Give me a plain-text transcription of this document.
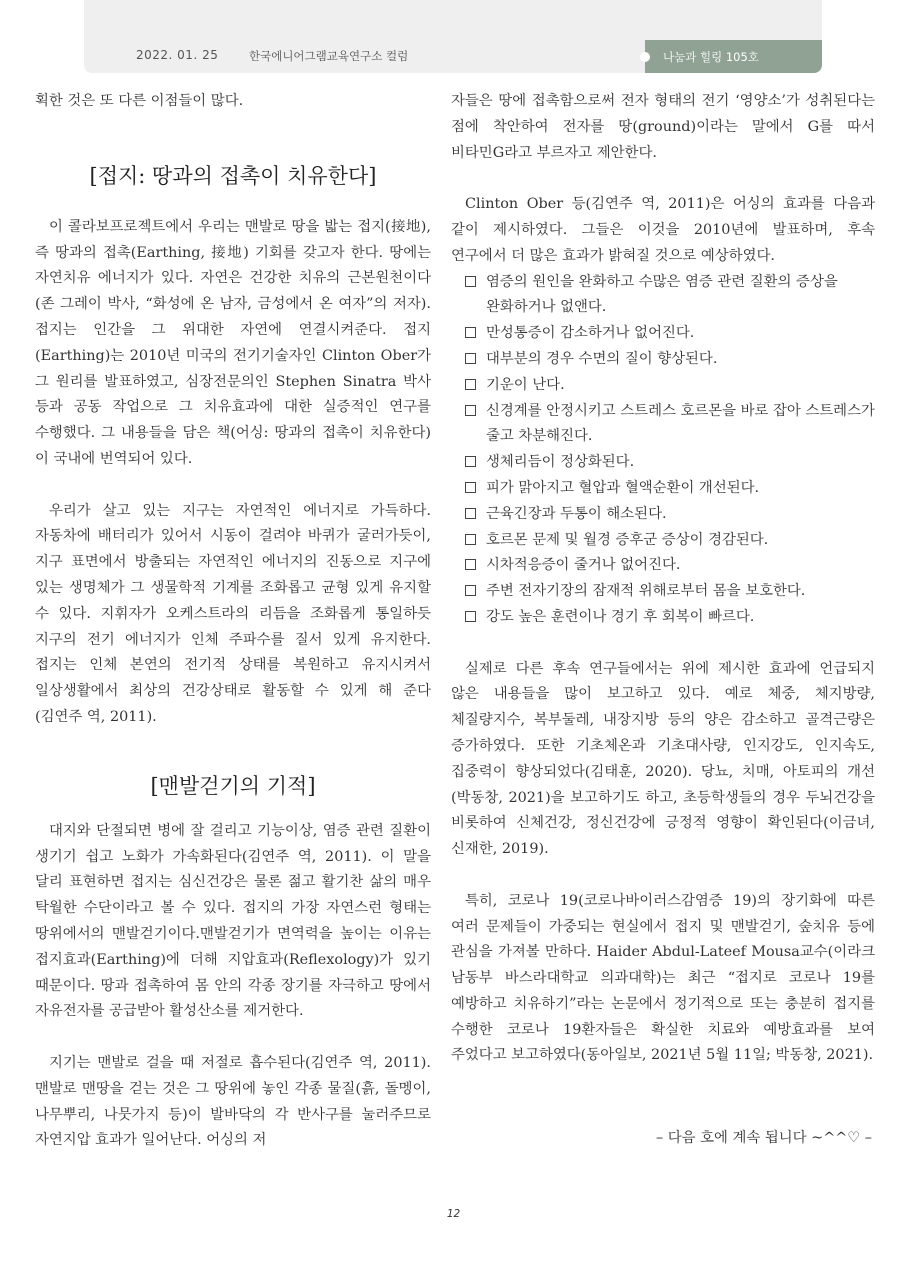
2022. 01. 25	한국에니어그램교육연구소 컬럼	나눔과 힐링 105호

획한 것은 또 다른 이점들이 많다.

[접지: 땅과의 접촉이 치유한다]

이 콜라보프로젝트에서 우리는 맨발로 땅을 밟는 접지(接地), 즉 땅과의 접촉(Earthing, 接地) 기회를 갖고자 한다. 땅에는 자연치유 에너지가 있다. 자연은 건강한 치유의 근본원천이다(존 그레이 박사, “화성에 온 남자, 금성에서 온 여자”의 저자). 접지는 인간을 그 위대한 자연에 연결시켜준다. 접지(Earthing)는 2010년 미국의 전기기술자인 Clinton Ober가 그 원리를 발표하였고, 심장전문의인 Stephen Sinatra 박사 등과 공동 작업으로 그 치유효과에 대한 실증적인 연구를 수행했다. 그 내용들을 담은 책(어싱: 땅과의 접촉이 치유한다)이 국내에 번역되어 있다.

우리가 살고 있는 지구는 자연적인 에너지로 가득하다. 자동차에 배터리가 있어서 시동이 걸려야 바퀴가 굴러가듯이, 지구 표면에서 방출되는 자연적인 에너지의 진동으로 지구에 있는 생명체가 그 생물학적 기계를 조화롭고 균형 있게 유지할 수 있다. 지휘자가 오케스트라의 리듬을 조화롭게 통일하듯 지구의 전기 에너지가 인체 주파수를 질서 있게 유지한다. 접지는 인체 본연의 전기적 상태를 복원하고 유지시켜서 일상생활에서 최상의 건강상태로 활동할 수 있게 해 준다(김연주 역, 2011).

[맨발걷기의 기적]

대지와 단절되면 병에 잘 걸리고 기능이상, 염증 관련 질환이 생기기 쉽고 노화가 가속화된다(김연주 역, 2011). 이 말을 달리 표현하면 접지는 심신건강은 물론 젊고 활기찬 삶의 매우 탁월한 수단이라고 볼 수 있다. 접지의 가장 자연스런 형태는 땅위에서의 맨발걷기이다.맨발걷기가 면역력을 높이는 이유는 접지효과(Earthing)에 더해 지압효과(Reflexology)가 있기 때문이다. 땅과 접촉하여 몸 안의 각종 장기를 자극하고 땅에서 자유전자를 공급받아 활성산소를 제거한다.

지기는 맨발로 걸을 때 저절로 흡수된다(김연주 역, 2011). 맨발로 맨땅을 걷는 것은 그 땅위에 놓인 각종 물질(흙, 돌멩이, 나무뿌리, 나뭇가지 등)이 발바닥의 각 반사구를 눌러주므로 자연지압 효과가 일어난다. 어싱의 저

자들은 땅에 접촉함으로써 전자 형태의 전기 ‘영양소’가 성취된다는 점에 착안하여 전자를 땅(ground)이라는 말에서 G를 따서 비타민G라고 부르자고 제안한다.

Clinton Ober 등(김연주 역, 2011)은 어싱의 효과를 다음과 같이 제시하였다. 그들은 이것을 2010년에 발표하며, 후속 연구에서 더 많은 효과가 밝혀질 것으로 예상하였다.

염증의 원인을 완화하고 수많은 염증 관련 질환의 증상을 완화하거나 없앤다.
만성통증이 감소하거나 없어진다.
대부분의 경우 수면의 질이 향상된다.
기운이 난다.
신경계를 안정시키고 스트레스 호르몬을 바로 잡아 스트레스가 줄고 차분해진다.
생체리듬이 정상화된다.
피가 맑아지고 혈압과 혈액순환이 개선된다.
근육긴장과 두통이 해소된다.
호르몬 문제 및 월경 증후군 증상이 경감된다.
시차적응증이 줄거나 없어진다.
주변 전자기장의 잠재적 위해로부터 몸을 보호한다.
강도 높은 훈련이나 경기 후 회복이 빠르다.

실제로 다른 후속 연구들에서는 위에 제시한 효과에 언급되지 않은 내용들을 많이 보고하고 있다. 예로 체중, 체지방량, 체질량지수, 복부둘레, 내장지방 등의 양은 감소하고 골격근량은 증가하였다. 또한 기초체온과 기초대사량, 인지강도, 인지속도, 집중력이 향상되었다(김태훈, 2020). 당뇨, 치매, 아토피의 개선(박동창, 2021)을 보고하기도 하고, 초등학생들의 경우 두뇌건강을 비롯하여 신체건강, 정신건강에 긍정적 영향이 확인된다(이금녀, 신재한, 2019).

특히, 코로나 19(코로나바이러스감염증 19)의 장기화에 따른 여러 문제들이 가중되는 현실에서 접지 및 맨발걷기, 숲치유 등에 관심을 가져볼 만하다. Haider Abdul-Lateef Mousa교수(이라크 남동부 바스라대학교 의과대학)는 최근 “접지로 코로나 19를 예방하고 치유하기”라는 논문에서 정기적으로 또는 충분히 접지를 수행한 코로나 19환자들은 확실한 치료와 예방효과를 보여 주었다고 보고하였다(동아일보, 2021년 5월 11일; 박동창, 2021).

– 다음 호에 계속 됩니다 ~^^♡ –
12
